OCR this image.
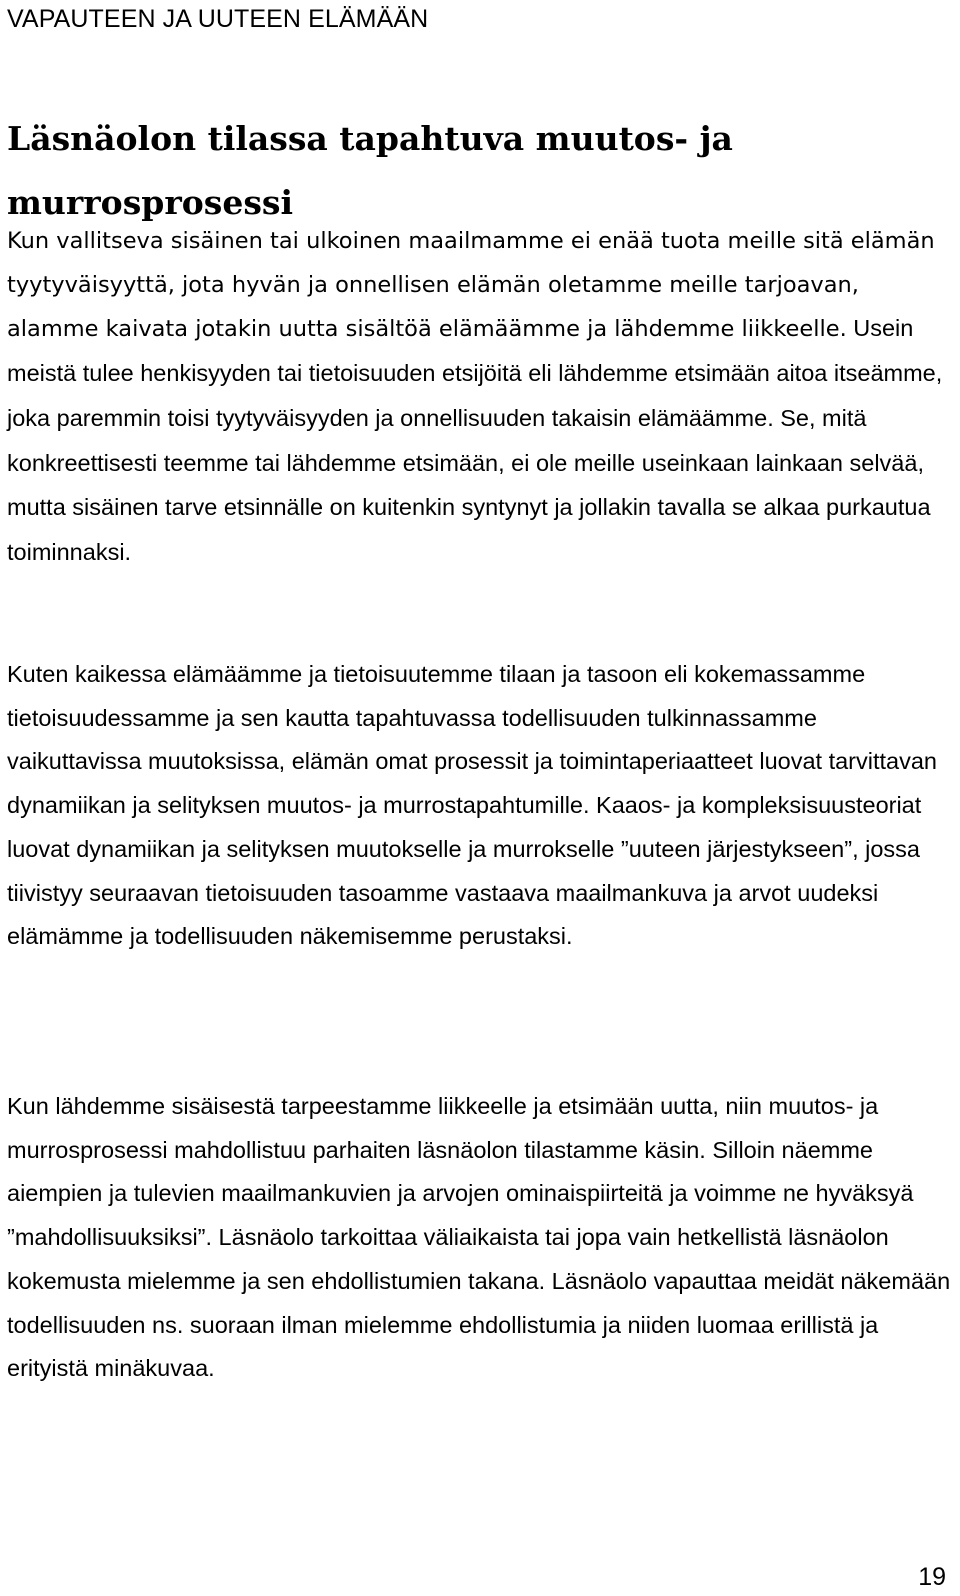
VAPAUTEEN JA UUTEEN ELÄMÄÄN
Läsnäolon tilassa tapahtuva muutos- ja murrosprosessi

Kun vallitseva sisäinen tai ulkoinen maailmamme ei enää tuota meille sitä elämän tyytyväisyyttä, jota hyvän ja onnellisen elämän oletamme meille tarjoavan, alamme kaivata jotakin uutta sisältöä elämäämme ja lähdemme liikkeelle. Usein meistä tulee henkisyyden tai tietoisuuden etsijöitä eli lähdemme etsimään aitoa itseämme, joka paremmin toisi tyytyväisyyden ja onnellisuuden takaisin elämäämme. Se, mitä konkreettisesti teemme tai lähdemme etsimään, ei ole meille useinkaan lainkaan selvää, mutta sisäinen tarve etsinnälle on kuitenkin syntynyt ja jollakin tavalla se alkaa purkautua toiminnaksi.

Kuten kaikessa elämäämme ja tietoisuutemme tilaan ja tasoon eli kokemassamme tietoisuudessamme ja sen kautta tapahtuvassa todellisuuden tulkinnassamme vaikuttavissa muutoksissa, elämän omat prosessit ja toimintaperiaatteet luovat tarvittavan dynamiikan ja selityksen muutos- ja murrostapahtumille. Kaaos- ja kompleksisuusteoriat luovat dynamiikan ja selityksen muutokselle ja murrokselle ”uuteen järjestykseen”, jossa tiivistyy seuraavan tietoisuuden tasoamme vastaava maailmankuva ja arvot uudeksi elämämme ja todellisuuden näkemisemme perustaksi.

Kun lähdemme sisäisestä tarpeestamme liikkeelle ja etsimään uutta, niin muutos- ja murrosprosessi mahdollistuu parhaiten läsnäolon tilastamme käsin. Silloin näemme aiempien ja tulevien maailmankuvien ja arvojen ominaispiirteitä ja voimme ne hyväksyä ”mahdollisuuksiksi”. Läsnäolo tarkoittaa väliaikaista tai jopa vain hetkellistä läsnäolon kokemusta mielemme ja sen ehdollistumien takana. Läsnäolo vapauttaa meidät näkemään todellisuuden ns. suoraan ilman mielemme ehdollistumia ja niiden luomaa erillistä ja erityistä minäkuvaa.

19
